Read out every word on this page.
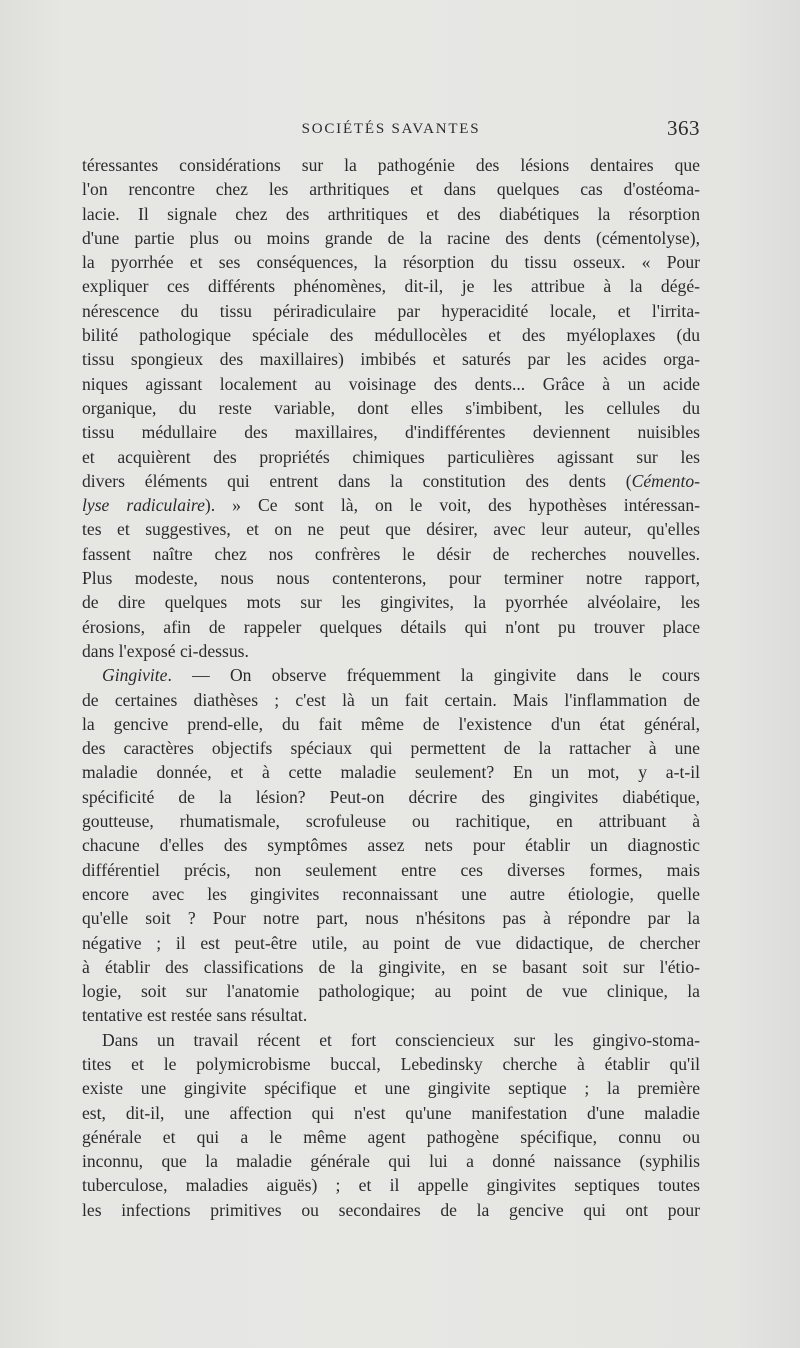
SOCIÉTÉS SAVANTES	363
téressantes considérations sur la pathogénie des lésions dentaires que
l'on rencontre chez les arthritiques et dans quelques cas d'ostéoma-
lacie. Il signale chez des arthritiques et des diabétiques la résorption
d'une partie plus ou moins grande de la racine des dents (cémentolyse),
la pyorrhée et ses conséquences, la résorption du tissu osseux. « Pour
expliquer ces différents phénomènes, dit-il, je les attribue à la dégé-
nérescence du tissu périradiculaire par hyperacidité locale, et l'irrita-
bilité pathologique spéciale des médullocèles et des myéloplaxes (du
tissu spongieux des maxillaires) imbibés et saturés par les acides orga-
niques agissant localement au voisinage des dents... Grâce à un acide
organique, du reste variable, dont elles s'imbibent, les cellules du
tissu médullaire des maxillaires, d'indifférentes deviennent nuisibles
et acquièrent des propriétés chimiques particulières agissant sur les
divers éléments qui entrent dans la constitution des dents (Cémento-
lyse radiculaire). » Ce sont là, on le voit, des hypothèses intéressan-
tes et suggestives, et on ne peut que désirer, avec leur auteur, qu'elles
fassent naître chez nos confrères le désir de recherches nouvelles.
Plus modeste, nous nous contenterons, pour terminer notre rapport,
de dire quelques mots sur les gingivites, la pyorrhée alvéolaire, les
érosions, afin de rappeler quelques détails qui n'ont pu trouver place
dans l'exposé ci-dessus.
Gingivite. — On observe fréquemment la gingivite dans le cours
de certaines diathèses ; c'est là un fait certain. Mais l'inflammation de
la gencive prend-elle, du fait même de l'existence d'un état général,
des caractères objectifs spéciaux qui permettent de la rattacher à une
maladie donnée, et à cette maladie seulement? En un mot, y a-t-il
spécificité de la lésion? Peut-on décrire des gingivites diabétique,
goutteuse, rhumatismale, scrofuleuse ou rachitique, en attribuant à
chacune d'elles des symptômes assez nets pour établir un diagnostic
différentiel précis, non seulement entre ces diverses formes, mais
encore avec les gingivites reconnaissant une autre étiologie, quelle
qu'elle soit ? Pour notre part, nous n'hésitons pas à répondre par la
négative ; il est peut-être utile, au point de vue didactique, de chercher
à établir des classifications de la gingivite, en se basant soit sur l'étio-
logie, soit sur l'anatomie pathologique; au point de vue clinique, la
tentative est restée sans résultat.
Dans un travail récent et fort consciencieux sur les gingivo-stoma-
tites et le polymicrobisme buccal, Lebedinsky cherche à établir qu'il
existe une gingivite spécifique et une gingivite septique ; la première
est, dit-il, une affection qui n'est qu'une manifestation d'une maladie
générale et qui a le même agent pathogène spécifique, connu ou
inconnu, que la maladie générale qui lui a donné naissance (syphilis
tuberculose, maladies aiguës) ; et il appelle gingivites septiques toutes
les infections primitives ou secondaires de la gencive qui ont pour
